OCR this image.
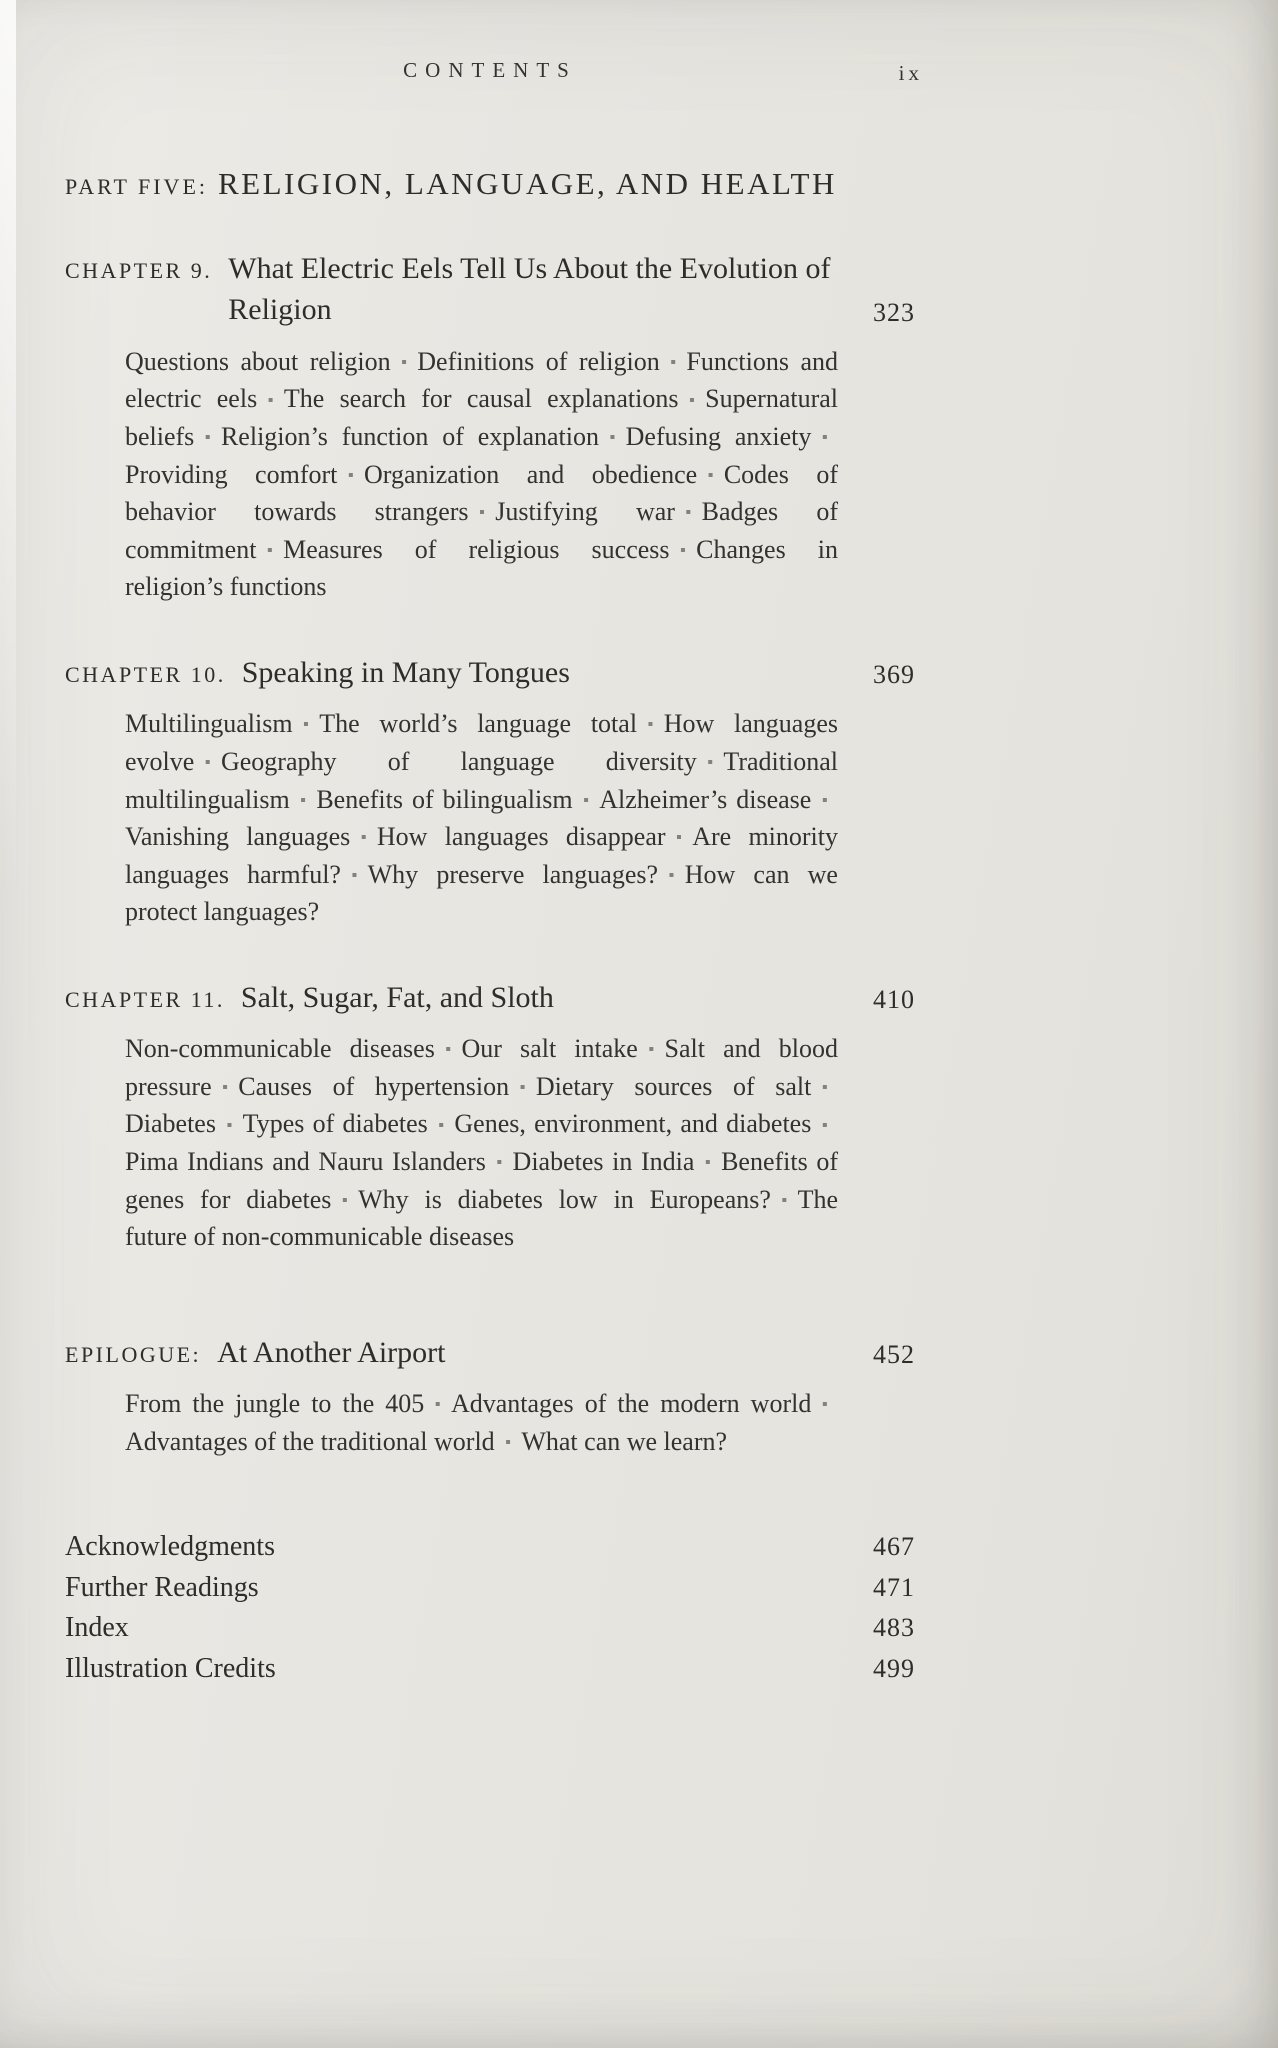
CONTENTS	ix
PART FIVE: RELIGION, LANGUAGE, AND HEALTH
CHAPTER 9. What Electric Eels Tell Us About the Evolution of Religion	323
Questions about religion ▪ Definitions of religion ▪ Functions and electric eels ▪ The search for causal explanations ▪ Supernatural beliefs ▪ Religion’s function of explanation ▪ Defusing anxiety ▪Providing comfort ▪ Organization and obedience ▪ Codes of behavior towards strangers ▪ Justifying war ▪ Badges of commitment ▪ Measures of religious success ▪ Changes in religion’s functions
CHAPTER 10. Speaking in Many Tongues	369
Multilingualism ▪ The world’s language total ▪ How languages evolve ▪ Geography of language diversity ▪ Traditional multilingualism ▪ Benefits of bilingualism ▪ Alzheimer’s disease ▪Vanishing languages ▪ How languages disappear ▪ Are minority languages harmful? ▪ Why preserve languages? ▪ How can we protect languages?
CHAPTER 11. Salt, Sugar, Fat, and Sloth	410
Non-communicable diseases ▪ Our salt intake ▪ Salt and blood pressure ▪ Causes of hypertension ▪ Dietary sources of salt ▪Diabetes ▪ Types of diabetes ▪ Genes, environment, and diabetes ▪Pima Indians and Nauru Islanders ▪ Diabetes in India ▪ Benefits of genes for diabetes ▪ Why is diabetes low in Europeans? ▪ The future of non-communicable diseases
EPILOGUE: At Another Airport	452
From the jungle to the 405 ▪ Advantages of the modern world ▪Advantages of the traditional world ▪ What can we learn?
Acknowledgments	467
Further Readings	471
Index	483
Illustration Credits	499
